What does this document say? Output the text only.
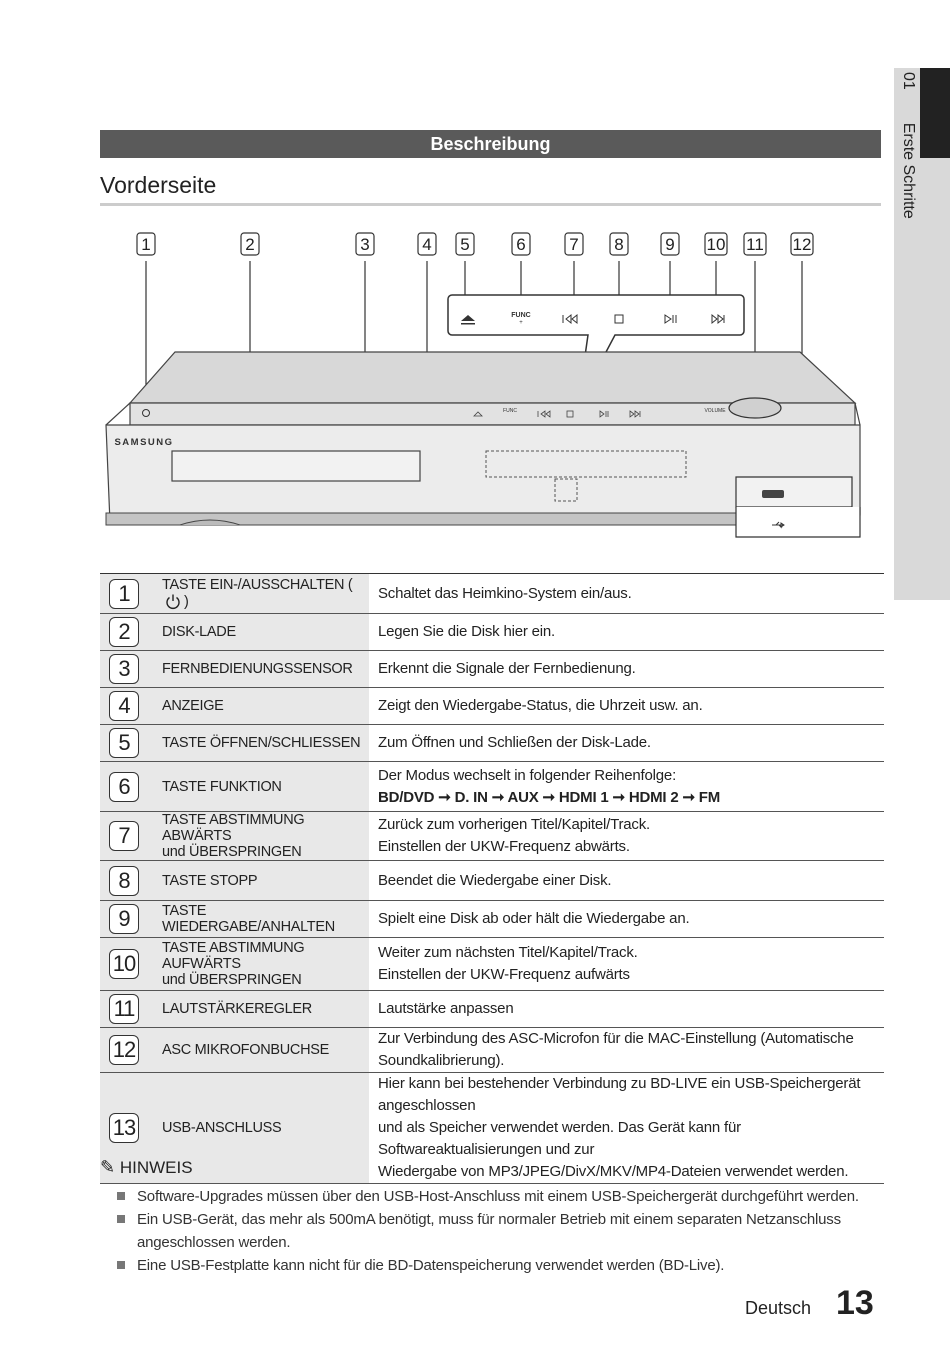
01  Erste Schritte
Beschreibung
Vorderseite
1	2	3	4 5	6	7 8 9 10 11 12
FUNC
+
FUNC	VOLUME
SAMSUNG
1	TASTE EIN-/AUSSCHALTEN ()	Schaltet das Heimkino-System ein/aus.
2	DISK-LADE	Legen Sie die Disk hier ein.
3	FERNBEDIENUNGSSENSOR	Erkennt die Signale der Fernbedienung.
4	ANZEIGE	Zeigt den Wiedergabe-Status, die Uhrzeit usw. an.
5	TASTE ÖFFNEN/SCHLIESSEN	Zum Öffnen und Schließen der Disk-Lade.
6	TASTE FUNKTION	Der Modus wechselt in folgender Reihenfolge:
BD/DVD ➞ D. IN ➞ AUX ➞ HDMI 1 ➞ HDMI 2 ➞ FM
7	TASTE ABSTIMMUNG ABWÄRTS
und ÜBERSPRINGEN	Zurück zum vorherigen Titel/Kapitel/Track.
Einstellen der UKW-Frequenz abwärts.
8	TASTE STOPP	Beendet die Wiedergabe einer Disk.
9	TASTE WIEDERGABE/ANHALTEN	Spielt eine Disk ab oder hält die Wiedergabe an.
10	TASTE ABSTIMMUNG AUFWÄRTS
und ÜBERSPRINGEN	Weiter zum nächsten Titel/Kapitel/Track.
Einstellen der UKW-Frequenz aufwärts
11	LAUTSTÄRKEREGLER	Lautstärke anpassen
12	ASC MIKROFONBUCHSE	Zur Verbindung des ASC-Microfon für die MAC-Einstellung (Automatische Soundkalibrierung).
13	USB-ANSCHLUSS	Hier kann bei bestehender Verbindung zu BD-LIVE ein USB-Speichergerät angeschlossen
und als Speicher verwendet werden. Das Gerät kann für Softwareaktualisierungen und zur
Wiedergabe von MP3/JPEG/DivX/MKV/MP4-Dateien verwendet werden.
✎ HINWEIS
Software-Upgrades müssen über den USB-Host-Anschluss mit einem USB-Speichergerät durchgeführt werden.
Ein USB-Gerät, das mehr als 500mA benötigt, muss für normaler Betrieb mit einem separaten Netzanschluss angeschlossen werden.
Eine USB-Festplatte kann nicht für die BD-Datenspeicherung verwendet werden (BD-Live).
Deutsch 13
